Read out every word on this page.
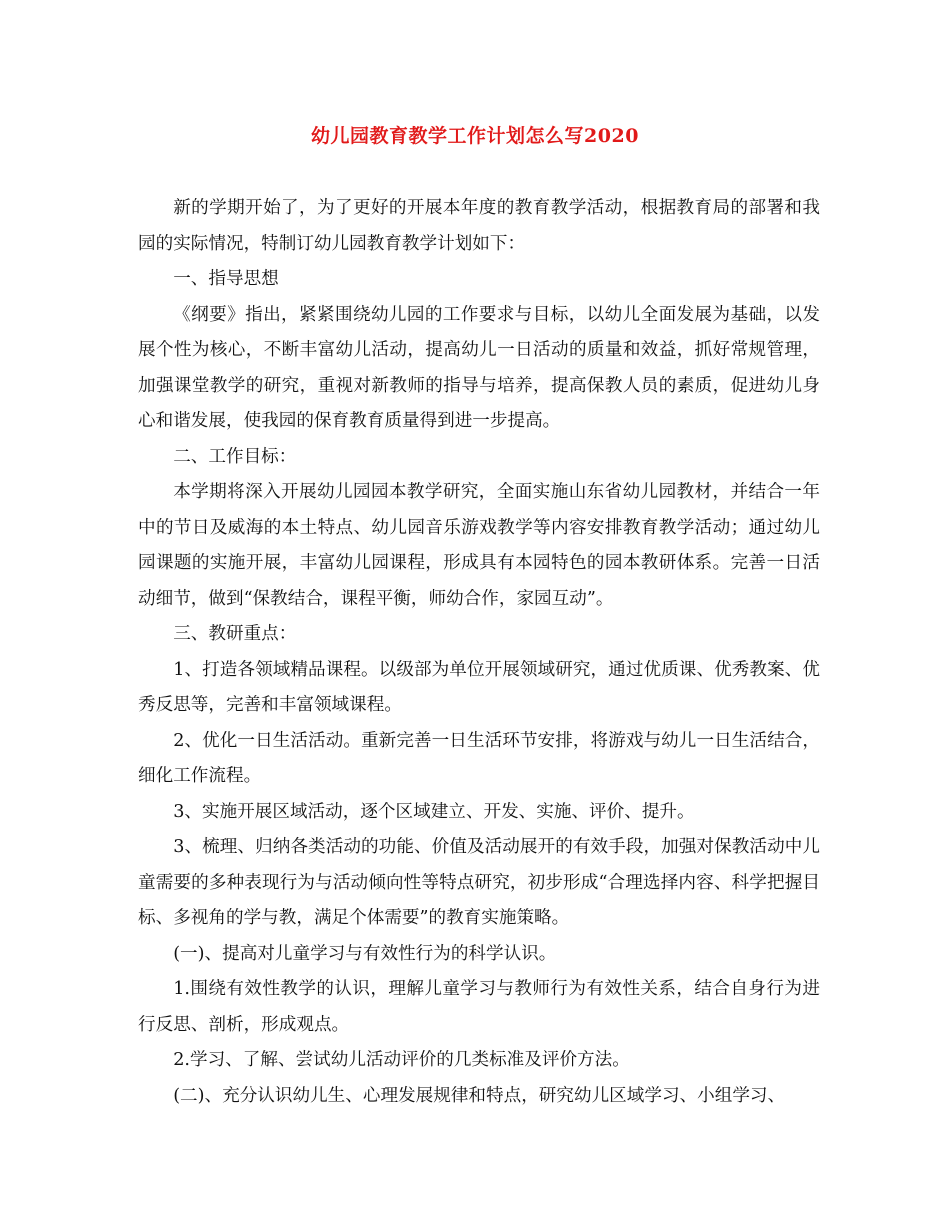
幼儿园教育教学工作计划怎么写2020

新的学期开始了，为了更好的开展本年度的教育教学活动，根据教育局的部署和我园的实际情况，特制订幼儿园教育教学计划如下：

一、指导思想

《纲要》指出，紧紧围绕幼儿园的工作要求与目标，以幼儿全面发展为基础，以发展个性为核心，不断丰富幼儿活动，提高幼儿一日活动的质量和效益，抓好常规管理，加强课堂教学的研究，重视对新教师的指导与培养，提高保教人员的素质，促进幼儿身心和谐发展，使我园的保育教育质量得到进一步提高。

二、工作目标：

本学期将深入开展幼儿园园本教学研究，全面实施山东省幼儿园教材，并结合一年中的节日及威海的本土特点、幼儿园音乐游戏教学等内容安排教育教学活动；通过幼儿园课题的实施开展，丰富幼儿园课程，形成具有本园特色的园本教研体系。完善一日活动细节，做到“保教结合，课程平衡，师幼合作，家园互动”。

三、教研重点：

1、打造各领域精品课程。以级部为单位开展领域研究，通过优质课、优秀教案、优秀反思等，完善和丰富领域课程。

2、优化一日生活活动。重新完善一日生活环节安排，将游戏与幼儿一日生活结合，细化工作流程。

3、实施开展区域活动，逐个区域建立、开发、实施、评价、提升。

3、梳理、归纳各类活动的功能、价值及活动展开的有效手段，加强对保教活动中儿童需要的多种表现行为与活动倾向性等特点研究，初步形成“合理选择内容、科学把握目标、多视角的学与教，满足个体需要”的教育实施策略。

(一)、提高对儿童学习与有效性行为的科学认识。

1.围绕有效性教学的认识，理解儿童学习与教师行为有效性关系，结合自身行为进行反思、剖析，形成观点。

2.学习、了解、尝试幼儿活动评价的几类标准及评价方法。

(二)、充分认识幼儿生、心理发展规律和特点，研究幼儿区域学习、小组学习、
